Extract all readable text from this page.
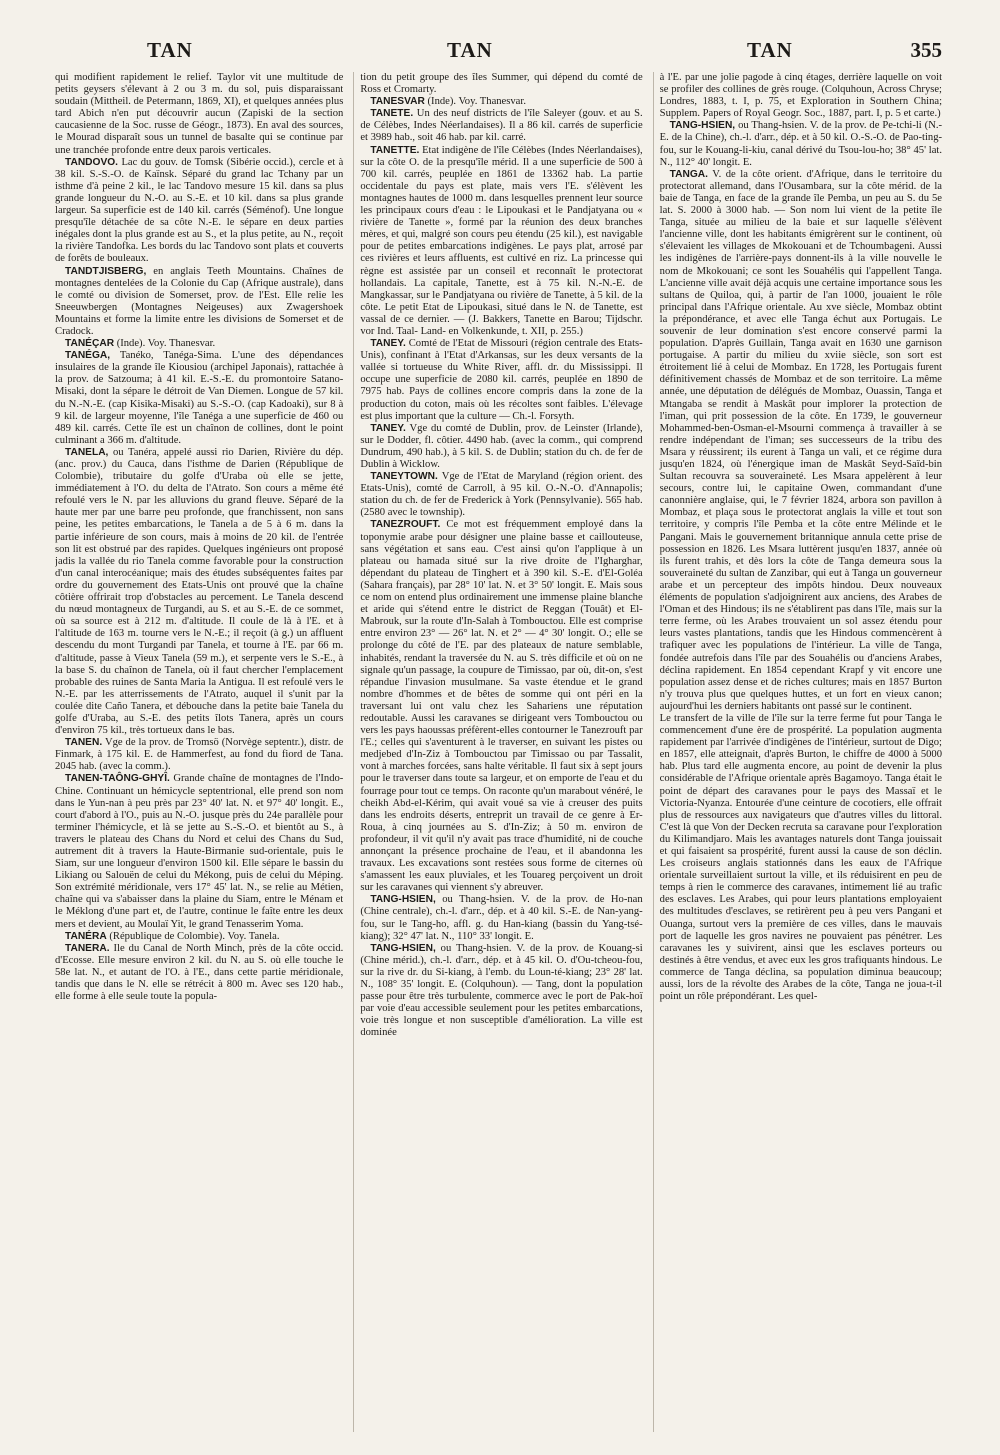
TAN	TAN	TAN	355

qui modifient rapidement le relief. Taylor vit une multitude de petits geysers s'élevant à 2 ou 3 m. du sol, puis disparaissant soudain (Mittheil. de Petermann, 1869, XI), et quelques années plus tard Abich n'en put découvrir aucun (Zapiski de la section caucasienne de la Soc. russe de Géogr., 1873). En aval des sources, le Mourad disparaît sous un tunnel de basalte qui se continue par une tranchée profonde entre deux parois verticales.

TANDOVO. Lac du gouv. de Tomsk (Sibérie occid.), cercle et à 38 kil. S.-S.-O. de Kaïnsk. Séparé du grand lac Tchany par un isthme d'à peine 2 kil., le lac Tandovo mesure 15 kil. dans sa plus grande longueur du N.-O. au S.-E. et 10 kil. dans sa plus grande largeur. Sa superficie est de 140 kil. carrés (Séménof). Une longue presqu'île détachée de sa côte N.-E. le sépare en deux parties inégales dont la plus grande est au S., et la plus petite, au N., reçoit la rivière Tandofka. Les bords du lac Tandovo sont plats et couverts de forêts de bouleaux.

TANDTJISBERG, en anglais Teeth Mountains. Chaînes de montagnes dentelées de la Colonie du Cap (Afrique australe), dans le comté ou division de Somerset, prov. de l'Est. Elle relie les Sneeuwbergen (Montagnes Neigeuses) aux Zwagershoek Mountains et forme la limite entre les divisions de Somerset et de Cradock.

TANÉÇAR (Inde). Voy. Thanesvar.

TANÉGA, Tanéko, Tanéga-Sima. L'une des dépendances insulaires de la grande île Kiousiou (archipel Japonais), rattachée à la prov. de Satzouma; à 41 kil. E.-S.-E. du promontoire Satano-Misaki, dont la sépare le détroit de Van Diemen. Longue de 57 kil. du N.-N.-E. (cap Kisika-Misaki) au S.-S.-O. (cap Kadoaki), sur 8 à 9 kil. de largeur moyenne, l'île Tanéga a une superficie de 460 ou 489 kil. carrés. Cette île est un chaînon de collines, dont le point culminant a 366 m. d'altitude.

TANELA, ou Tanéra, appelé aussi rio Darien, Rivière du dép. (anc. prov.) du Cauca, dans l'isthme de Darien (République de Colombie), tributaire du golfe d'Uraba où elle se jette, immédiatement à l'O. du delta de l'Atrato. Son cours a même été refoulé vers le N. par les alluvions du grand fleuve. Séparé de la haute mer par une barre peu profonde, que franchissent, non sans peine, les petites embarcations, le Tanela a de 5 à 6 m. dans la partie inférieure de son cours, mais à moins de 20 kil. de l'entrée son lit est obstrué par des rapides. Quelques ingénieurs ont proposé jadis la vallée du rio Tanela comme favorable pour la construction d'un canal interocéanique; mais des études subséquentes faites par ordre du gouvernement des Etats-Unis ont prouvé que la chaîne côtière offrirait trop d'obstacles au percement. Le Tanela descend du nœud montagneux de Turgandi, au S. et au S.-E. de ce sommet, où sa source est à 212 m. d'altitude. Il coule de là à l'E. et à l'altitude de 163 m. tourne vers le N.-E.; il reçoit (à g.) un affluent descendu du mont Turgandi par Tanela, et tourne à l'E. par 66 m. d'altitude, passe à Vieux Tanela (59 m.), et serpente vers le S.-E., à la base S. du chaînon de Tanela, où il faut chercher l'emplacement probable des ruines de Santa Maria la Antigua. Il est refoulé vers le N.-E. par les atterrissements de l'Atrato, auquel il s'unit par la coulée dite Caño Tanera, et débouche dans la petite baie Tanela du golfe d'Uraba, au S.-E. des petits îlots Tanera, après un cours d'environ 75 kil., très tortueux dans le bas.

TANEN. Vge de la prov. de Tromsö (Norvège septentr.), distr. de Finmark, à 175 kil. E. de Hammerfest, au fond du fiord de Tana. 2045 hab. (avec la comm.).

TANEN-TAÔNG-GHYÎ. Grande chaîne de montagnes de l'Indo-Chine. Continuant un hémicycle septentrional, elle prend son nom dans le Yun-nan à peu près par 23° 40' lat. N. et 97° 40' longit. E., court d'abord à l'O., puis au N.-O. jusque près du 24e parallèle pour terminer l'hémicycle, et là se jette au S.-S.-O. et bientôt au S., à travers le plateau des Chans du Nord et celui des Chans du Sud, autrement dit à travers la Haute-Birmanie sud-orientale, puis le Siam, sur une longueur d'environ 1500 kil. Elle sépare le bassin du Likiang ou Salouën de celui du Mékong, puis de celui du Méping. Son extrémité méridionale, vers 17° 45' lat. N., se relie au Métien, chaîne qui va s'abaisser dans la plaine du Siam, entre le Ménam et le Méklong d'une part et, de l'autre, continue le faîte entre les deux mers et devient, au Moulaï Yit, le grand Tenasserim Yoma.

TANÉRA (République de Colombie). Voy. Tanela.

TANERA. Ile du Canal de North Minch, près de la côte occid. d'Ecosse. Elle mesure environ 2 kil. du N. au S. où elle touche le 58e lat. N., et autant de l'O. à l'E., dans cette partie méridionale, tandis que dans le N. elle se rétrécit à 800 m. Avec ses 120 hab., elle forme à elle seule toute la popula-

tion du petit groupe des îles Summer, qui dépend du comté de Ross et Cromarty.

TANESVAR (Inde). Voy. Thanesvar.

TANETE. Un des neuf districts de l'île Saleyer (gouv. et au S. de Célèbes, Indes Néerlandaises). Il a 86 kil. carrés de superficie et 3989 hab., soit 46 hab. par kil. carré.

TANETTE. Etat indigène de l'île Célèbes (Indes Néerlandaises), sur la côte O. de la presqu'île mérid. Il a une superficie de 500 à 700 kil. carrés, peuplée en 1861 de 13362 hab. La partie occidentale du pays est plate, mais vers l'E. s'élèvent les montagnes hautes de 1000 m. dans lesquelles prennent leur source les principaux cours d'eau : le Lipoukasi et le Pandjatyana ou « rivière de Tanette », formé par la réunion des deux branches mères, et qui, malgré son cours peu étendu (25 kil.), est navigable pour de petites embarcations indigènes. Le pays plat, arrosé par ces rivières et leurs affluents, est cultivé en riz. La princesse qui règne est assistée par un conseil et reconnaît le protectorat hollandais. La capitale, Tanette, est à 75 kil. N.-N.-E. de Mangkassar, sur le Pandjatyana ou rivière de Tanette, à 5 kil. de la côte. Le petit Etat de Lipoukasi, situé dans le N. de Tanette, est vassal de ce dernier. — (J. Bakkers, Tanette en Barou; Tijdschr. vor Ind. Taal- Land- en Volkenkunde, t. XII, p. 255.)

TANEY. Comté de l'Etat de Missouri (région centrale des Etats-Unis), confinant à l'Etat d'Arkansas, sur les deux versants de la vallée si tortueuse du White River, affl. dr. du Mississippi. Il occupe une superficie de 2080 kil. carrés, peuplée en 1890 de 7975 hab. Pays de collines encore compris dans la zone de la production du coton, mais où les récoltes sont faibles. L'élevage est plus important que la culture — Ch.-l. Forsyth.

TANEY. Vge du comté de Dublin, prov. de Leinster (Irlande), sur le Dodder, fl. côtier. 4490 hab. (avec la comm., qui comprend Dundrum, 490 hab.), à 5 kil. S. de Dublin; station du ch. de fer de Dublin à Wicklow.

TANEYTOWN. Vge de l'Etat de Maryland (région orient. des Etats-Unis), comté de Carroll, à 95 kil. O.-N.-O. d'Annapolis; station du ch. de fer de Frederick à York (Pennsylvanie). 565 hab. (2580 avec le township).

TANEZROUFT. Ce mot est fréquemment employé dans la toponymie arabe pour désigner une plaine basse et caillouteuse, sans végétation et sans eau. C'est ainsi qu'on l'applique à un plateau ou hamada situé sur la rive droite de l'Igharghar, dépendant du plateau de Tinghert et à 390 kil. S.-E. d'El-Goléa (Sahara français), par 28° 10' lat. N. et 3° 50' longit. E. Mais sous ce nom on entend plus ordinairement une immense plaine blanche et aride qui s'étend entre le district de Reggan (Touât) et El-Mabrouk, sur la route d'In-Salah à Tombouctou. Elle est comprise entre environ 23° — 26° lat. N. et 2° — 4° 30' longit. O.; elle se prolonge du côté de l'E. par des plateaux de nature semblable, inhabités, rendant la traversée du N. au S. très difficile et où on ne signale qu'un passage, la coupure de Timissao, par où, dit-on, s'est répandue l'invasion musulmane. Sa vaste étendue et le grand nombre d'hommes et de bêtes de somme qui ont péri en la traversant lui ont valu chez les Sahariens une réputation redoutable. Aussi les caravanes se dirigeant vers Tombouctou ou vers les pays haoussas préfèrent-elles contourner le Tanezrouft par l'E.; celles qui s'aventurent à le traverser, en suivant les pistes ou medjebed d'In-Ziz à Tombouctou par Timissao ou par Tassalit, vont à marches forcées, sans halte véritable. Il faut six à sept jours pour le traverser dans toute sa largeur, et on emporte de l'eau et du fourrage pour tout ce temps. On raconte qu'un marabout vénéré, le cheikh Abd-el-Kérim, qui avait voué sa vie à creuser des puits dans les endroits déserts, entreprit un travail de ce genre à Er-Roua, à cinq journées au S. d'In-Ziz; à 50 m. environ de profondeur, il vit qu'il n'y avait pas trace d'humidité, ni de couche annonçant la présence prochaine de l'eau, et il abandonna les travaux. Les excavations sont restées sous forme de citernes où s'amassent les eaux pluviales, et les Touareg perçoivent un droit sur les caravanes qui viennent s'y abreuver.

TANG-HSIEN, ou Thang-hsien. V. de la prov. de Ho-nan (Chine centrale), ch.-l. d'arr., dép. et à 40 kil. S.-E. de Nan-yang-fou, sur le Tang-ho, affl. g. du Han-kiang (bassin du Yang-tsé-kiang); 32° 47' lat. N., 110° 33' longit. E.

TANG-HSIEN, ou Thang-hsien. V. de la prov. de Kouang-si (Chine mérid.), ch.-l. d'arr., dép. et à 45 kil. O. d'Ou-tcheou-fou, sur la rive dr. du Si-kiang, à l'emb. du Loun-té-kiang; 23° 28' lat. N., 108° 35' longit. E. (Colquhoun). — Tang, dont la population passe pour être très turbulente, commerce avec le port de Pak-hoï par voie d'eau accessible seulement pour les petites embarcations, voie très longue et non susceptible d'amélioration. La ville est dominée

à l'E. par une jolie pagode à cinq étages, derrière laquelle on voit se profiler des collines de grès rouge. (Colquhoun, Across Chryse; Londres, 1883, t. I, p. 75, et Exploration in Southern China; Supplem. Papers of Royal Geogr. Soc., 1887, part. I, p. 5 et carte.)

TANG-HSIEN, ou Thang-hsien. V. de la prov. de Pe-tchi-li (N.-E. de la Chine), ch.-l. d'arr., dép. et à 50 kil. O.-S.-O. de Pao-ting-fou, sur le Kouang-li-kiu, canal dérivé du Tsou-lou-ho; 38° 45' lat. N., 112° 40' longit. E.

TANGA. V. de la côte orient. d'Afrique, dans le territoire du protectorat allemand, dans l'Ousambara, sur la côte mérid. de la baie de Tanga, en face de la grande île Pemba, un peu au S. du 5e lat. S. 2000 à 3000 hab. — Son nom lui vient de la petite île Tanga, située au milieu de la baie et sur laquelle s'élèvent l'ancienne ville, dont les habitants émigrèrent sur le continent, où s'élevaient les villages de Mkokouani et de Tchoumbageni. Aussi les indigènes de l'arrière-pays donnent-ils à la ville nouvelle le nom de Mkokouani; ce sont les Souahélis qui l'appellent Tanga. L'ancienne ville avait déjà acquis une certaine importance sous les sultans de Quiloa, qui, à partir de l'an 1000, jouaient le rôle principal dans l'Afrique orientale. Au xve siècle, Mombaz obtint la prépondérance, et avec elle Tanga échut aux Portugais. Le souvenir de leur domination s'est encore conservé parmi la population. D'après Guillain, Tanga avait en 1630 une garnison portugaise. A partir du milieu du xviie siècle, son sort est étroitement lié à celui de Mombaz. En 1728, les Portugais furent définitivement chassés de Mombaz et de son territoire. La même année, une députation de délégués de Mombaz, Ouassin, Tanga et Mtangaba se rendit à Maskât pour implorer la protection de l'iman, qui prit possession de la côte. En 1739, le gouverneur Mohammed-ben-Osman-el-Msourni commença à travailler à se rendre indépendant de l'iman; ses successeurs de la tribu des Msara y réussirent; ils eurent à Tanga un vali, et ce régime dura jusqu'en 1824, où l'énergique iman de Maskât Seyd-Saïd-bin Sultan recouvra sa souveraineté. Les Msara appelèrent à leur secours, contre lui, le capitaine Owen, commandant d'une canonnière anglaise, qui, le 7 février 1824, arbora son pavillon à Mombaz, et plaça sous le protectorat anglais la ville et tout son territoire, y compris l'île Pemba et la côte entre Mélinde et le Pangani. Mais le gouvernement britannique annula cette prise de possession en 1826. Les Msara luttèrent jusqu'en 1837, année où ils furent trahis, et dès lors la côte de Tanga demeura sous la souveraineté du sultan de Zanzibar, qui eut à Tanga un gouverneur arabe et un percepteur des impôts hindou. Deux nouveaux éléments de population s'adjoignirent aux anciens, des Arabes de l'Oman et des Hindous; ils ne s'établirent pas dans l'île, mais sur la terre ferme, où les Arabes trouvaient un sol assez étendu pour leurs vastes plantations, tandis que les Hindous commencèrent à trafiquer avec les populations de l'intérieur. La ville de Tanga, fondée autrefois dans l'île par des Souahélis ou d'anciens Arabes, déclina rapidement. En 1854 cependant Krapf y vit encore une population assez dense et de riches cultures; mais en 1857 Burton n'y trouva plus que quelques huttes, et un fort en vieux canon; aujourd'hui les derniers habitants ont passé sur le continent.

Le transfert de la ville de l'île sur la terre ferme fut pour Tanga le commencement d'une ère de prospérité. La population augmenta rapidement par l'arrivée d'indigènes de l'intérieur, surtout de Digo; en 1857, elle atteignait, d'après Burton, le chiffre de 4000 à 5000 hab. Plus tard elle augmenta encore, au point de devenir la plus considérable de l'Afrique orientale après Bagamoyo. Tanga était le point de départ des caravanes pour le pays des Massaï et le Victoria-Nyanza. Entourée d'une ceinture de cocotiers, elle offrait plus de ressources aux navigateurs que d'autres villes du littoral. C'est là que Von der Decken recruta sa caravane pour l'exploration du Kilimandjaro. Mais les avantages naturels dont Tanga jouissait et qui faisaient sa prospérité, furent aussi la cause de son déclin. Les croiseurs anglais stationnés dans les eaux de l'Afrique orientale surveillaient surtout la ville, et ils réduisirent en peu de temps à rien le commerce des caravanes, intimement lié au trafic des esclaves. Les Arabes, qui pour leurs plantations employaient des multitudes d'esclaves, se retirèrent peu à peu vers Pangani et Ouanga, surtout vers la première de ces villes, dans le mauvais port de laquelle les gros navires ne pouvaient pas pénétrer. Les caravanes les y suivirent, ainsi que les esclaves porteurs ou destinés à être vendus, et avec eux les gros trafiquants hindous. Le commerce de Tanga déclina, sa population diminua beaucoup; aussi, lors de la révolte des Arabes de la côte, Tanga ne joua-t-il point un rôle prépondérant. Les quel-
